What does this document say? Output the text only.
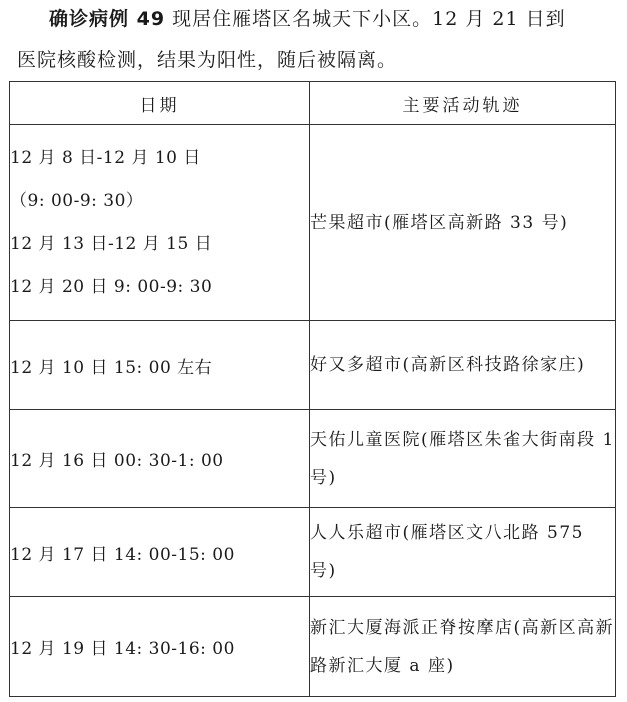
确诊病例 49 现居住雁塔区名城天下小区。12 月 21 日到
医院核酸检测，结果为阳性，随后被隔离。
日期	主要活动轨迹

12 月 8 日-12 月 10 日
（9: 00-9: 30）
12 月 13 日-12 月 15 日
12 月 20 日 9: 00-9: 30	芒果超市(雁塔区高新路 33 号)
12 月 10 日 15: 00 左右	好又多超市(高新区科技路徐家庄)
12 月 16 日 00: 30-1: 00	天佑儿童医院(雁塔区朱雀大街南段 1 号)
12 月 17 日 14: 00-15: 00	人人乐超市(雁塔区文八北路 575 号)
12 月 19 日 14: 30-16: 00	新汇大厦海派正脊按摩店(高新区高新路新汇大厦 a 座)
